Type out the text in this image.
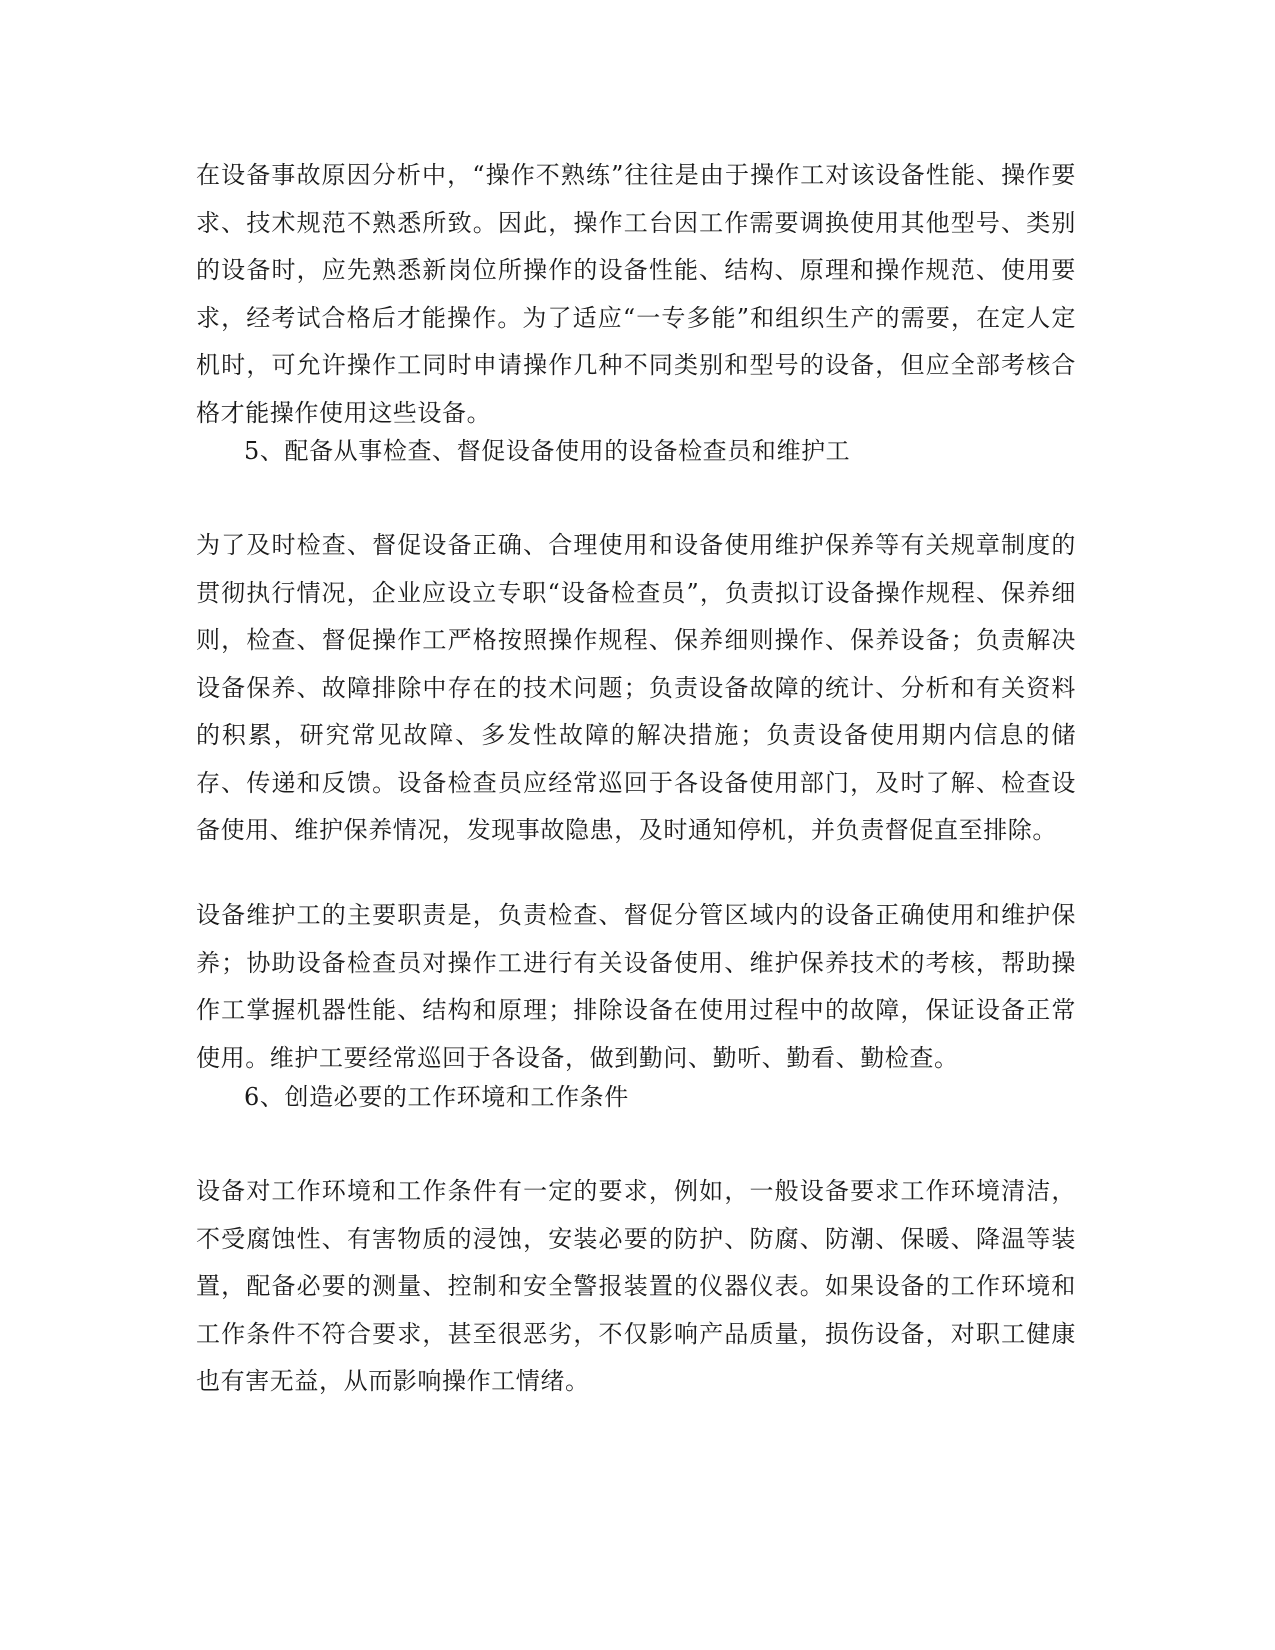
在设备事故原因分析中，“操作不熟练”往往是由于操作工对该设备性能、操作要求、技术规范不熟悉所致。因此，操作工台因工作需要调换使用其他型号、类别的设备时，应先熟悉新岗位所操作的设备性能、结构、原理和操作规范、使用要求，经考试合格后才能操作。为了适应“一专多能”和组织生产的需要，在定人定机时，可允许操作工同时申请操作几种不同类别和型号的设备，但应全部考核合格才能操作使用这些设备。

5、配备从事检查、督促设备使用的设备检查员和维护工

为了及时检查、督促设备正确、合理使用和设备使用维护保养等有关规章制度的贯彻执行情况，企业应设立专职“设备检查员”，负责拟订设备操作规程、保养细则，检查、督促操作工严格按照操作规程、保养细则操作、保养设备；负责解决设备保养、故障排除中存在的技术问题；负责设备故障的统计、分析和有关资料的积累，研究常见故障、多发性故障的解决措施；负责设备使用期内信息的储存、传递和反馈。设备检查员应经常巡回于各设备使用部门，及时了解、检查设备使用、维护保养情况，发现事故隐患，及时通知停机，并负责督促直至排除。

设备维护工的主要职责是，负责检查、督促分管区域内的设备正确使用和维护保养；协助设备检查员对操作工进行有关设备使用、维护保养技术的考核，帮助操作工掌握机器性能、结构和原理；排除设备在使用过程中的故障，保证设备正常使用。维护工要经常巡回于各设备，做到勤问、勤听、勤看、勤检查。

6、创造必要的工作环境和工作条件

设备对工作环境和工作条件有一定的要求，例如，一般设备要求工作环境清洁，不受腐蚀性、有害物质的浸蚀，安装必要的防护、防腐、防潮、保暖、降温等装置，配备必要的测量、控制和安全警报装置的仪器仪表。如果设备的工作环境和工作条件不符合要求，甚至很恶劣，不仅影响产品质量，损伤设备，对职工健康也有害无益，从而影响操作工情绪。
